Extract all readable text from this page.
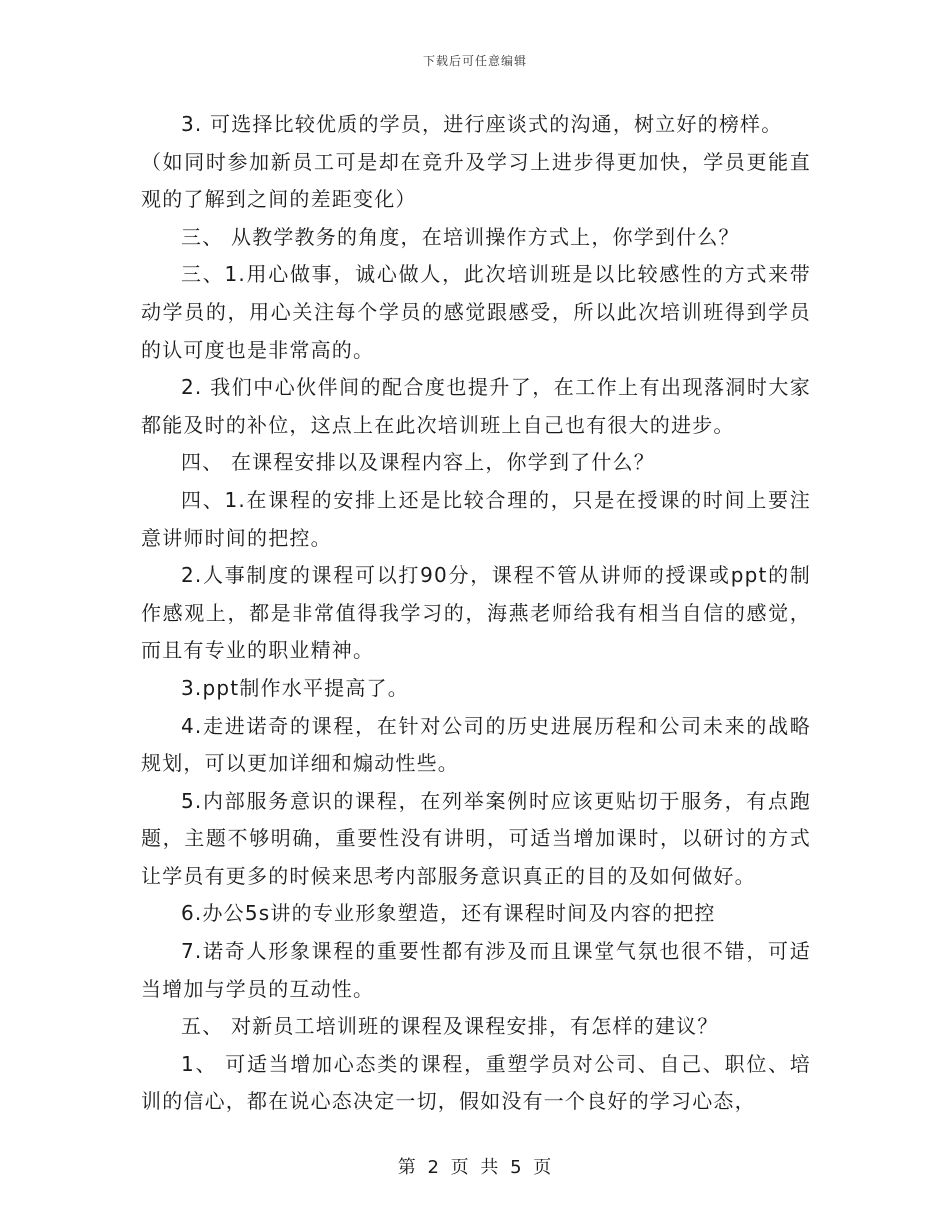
下载后可任意编辑

3. 可选择比较优质的学员，进行座谈式的沟通，树立好的榜样。

（如同时参加新员工可是却在竞升及学习上进步得更加快，学员更能直观的了解到之间的差距变化）

三、 从教学教务的角度，在培训操作方式上，你学到什么？

三、1.用心做事，诚心做人，此次培训班是以比较感性的方式来带动学员的，用心关注每个学员的感觉跟感受，所以此次培训班得到学员的认可度也是非常高的。

2. 我们中心伙伴间的配合度也提升了，在工作上有出现落洞时大家都能及时的补位，这点上在此次培训班上自己也有很大的进步。

四、 在课程安排以及课程内容上，你学到了什么？

四、1.在课程的安排上还是比较合理的，只是在授课的时间上要注意讲师时间的把控。

2.人事制度的课程可以打90分，课程不管从讲师的授课或ppt的制作感观上，都是非常值得我学习的，海燕老师给我有相当自信的感觉，而且有专业的职业精神。

3.ppt制作水平提高了。

4.走进诺奇的课程，在针对公司的历史进展历程和公司未来的战略规划，可以更加详细和煽动性些。

5.内部服务意识的课程，在列举案例时应该更贴切于服务，有点跑题，主题不够明确，重要性没有讲明，可适当增加课时，以研讨的方式让学员有更多的时候来思考内部服务意识真正的目的及如何做好。

6.办公5s讲的专业形象塑造，还有课程时间及内容的把控

7.诺奇人形象课程的重要性都有涉及而且课堂气氛也很不错，可适当增加与学员的互动性。

五、 对新员工培训班的课程及课程安排，有怎样的建议？

1、 可适当增加心态类的课程，重塑学员对公司、自己、职位、培训的信心，都在说心态决定一切，假如没有一个良好的学习心态，

第 2 页 共 5 页
